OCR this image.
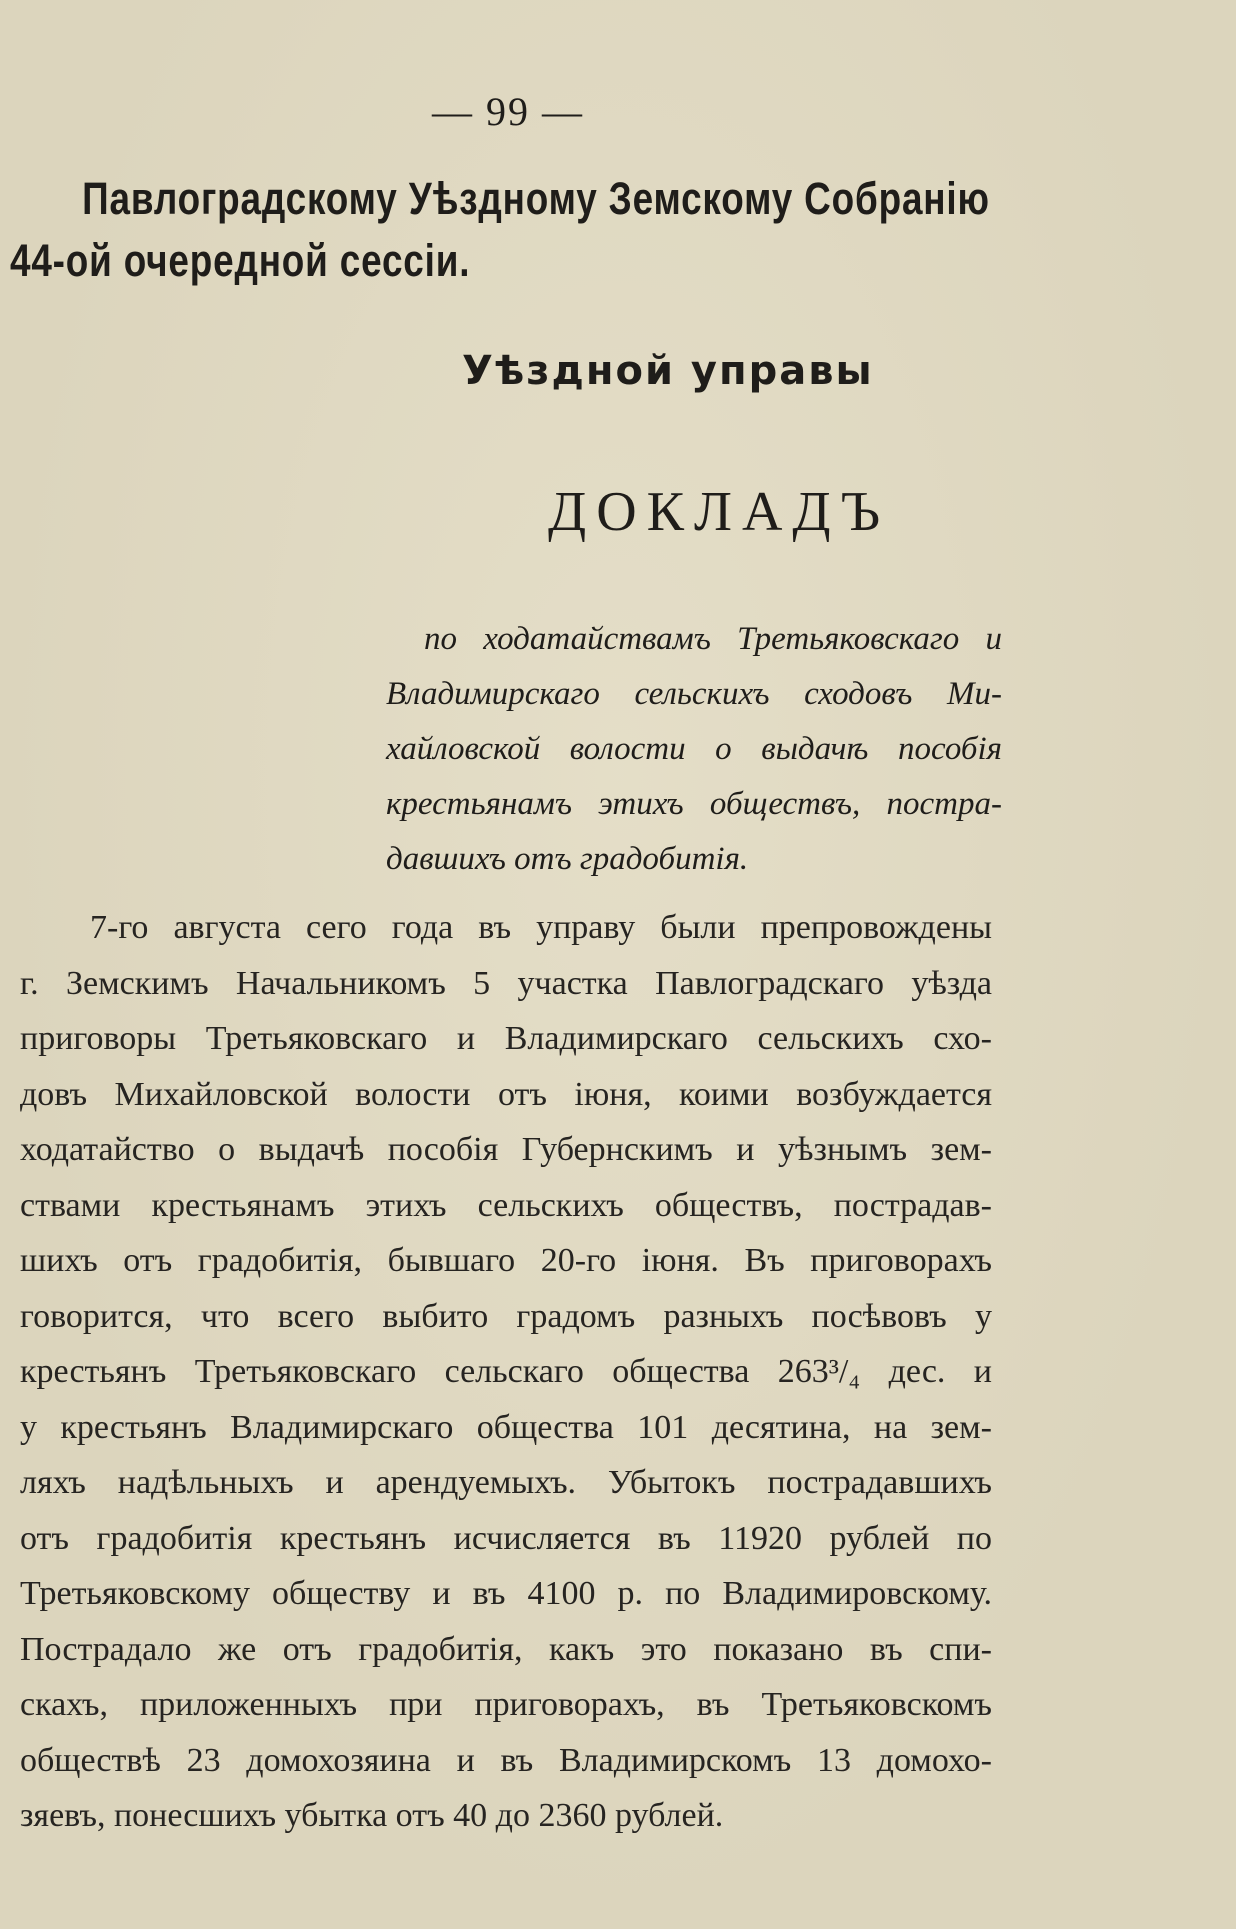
— 99 —
Павлоградскому Уѣздному Земскому Собранію
44-ой очередной сессіи.
Уѣздной управы
ДОКЛАДЪ
по ходатайствамъ Третьяковскаго и
Владимирскаго сельскихъ сходовъ Ми-
хайловской волости о выдачѣ пособія
крестьянамъ этихъ обществъ, постра-
давшихъ отъ градобитія.
7-го августа сего года въ управу были препровождены
г. Земскимъ Начальникомъ 5 участка Павлоградскаго уѣзда
приговоры Третьяковскаго и Владимирскаго сельскихъ схо-
довъ Михайловской волости отъ іюня, коими возбуждается
ходатайство о выдачѣ пособія Губернскимъ и уѣзнымъ зем-
ствами крестьянамъ этихъ сельскихъ обществъ, пострадав-
шихъ отъ градобитія, бывшаго 20-го іюня. Въ приговорахъ
говорится, что всего выбито градомъ разныхъ посѣвовъ у
крестьянъ Третьяковскаго сельскаго общества 263³/₄ дес. и
у крестьянъ Владимирскаго общества 101 десятина, на зем-
ляхъ надѣльныхъ и арендуемыхъ. Убытокъ пострадавшихъ
отъ градобитія крестьянъ исчисляется въ 11920 рублей по
Третьяковскому обществу и въ 4100 р. по Владимировскому.
Пострадало же отъ градобитія, какъ это показано въ спи-
скахъ, приложенныхъ при приговорахъ, въ Третьяковскомъ
обществѣ 23 домохозяина и въ Владимирскомъ 13 домохо-
зяевъ, понесшихъ убытка отъ 40 до 2360 рублей.
